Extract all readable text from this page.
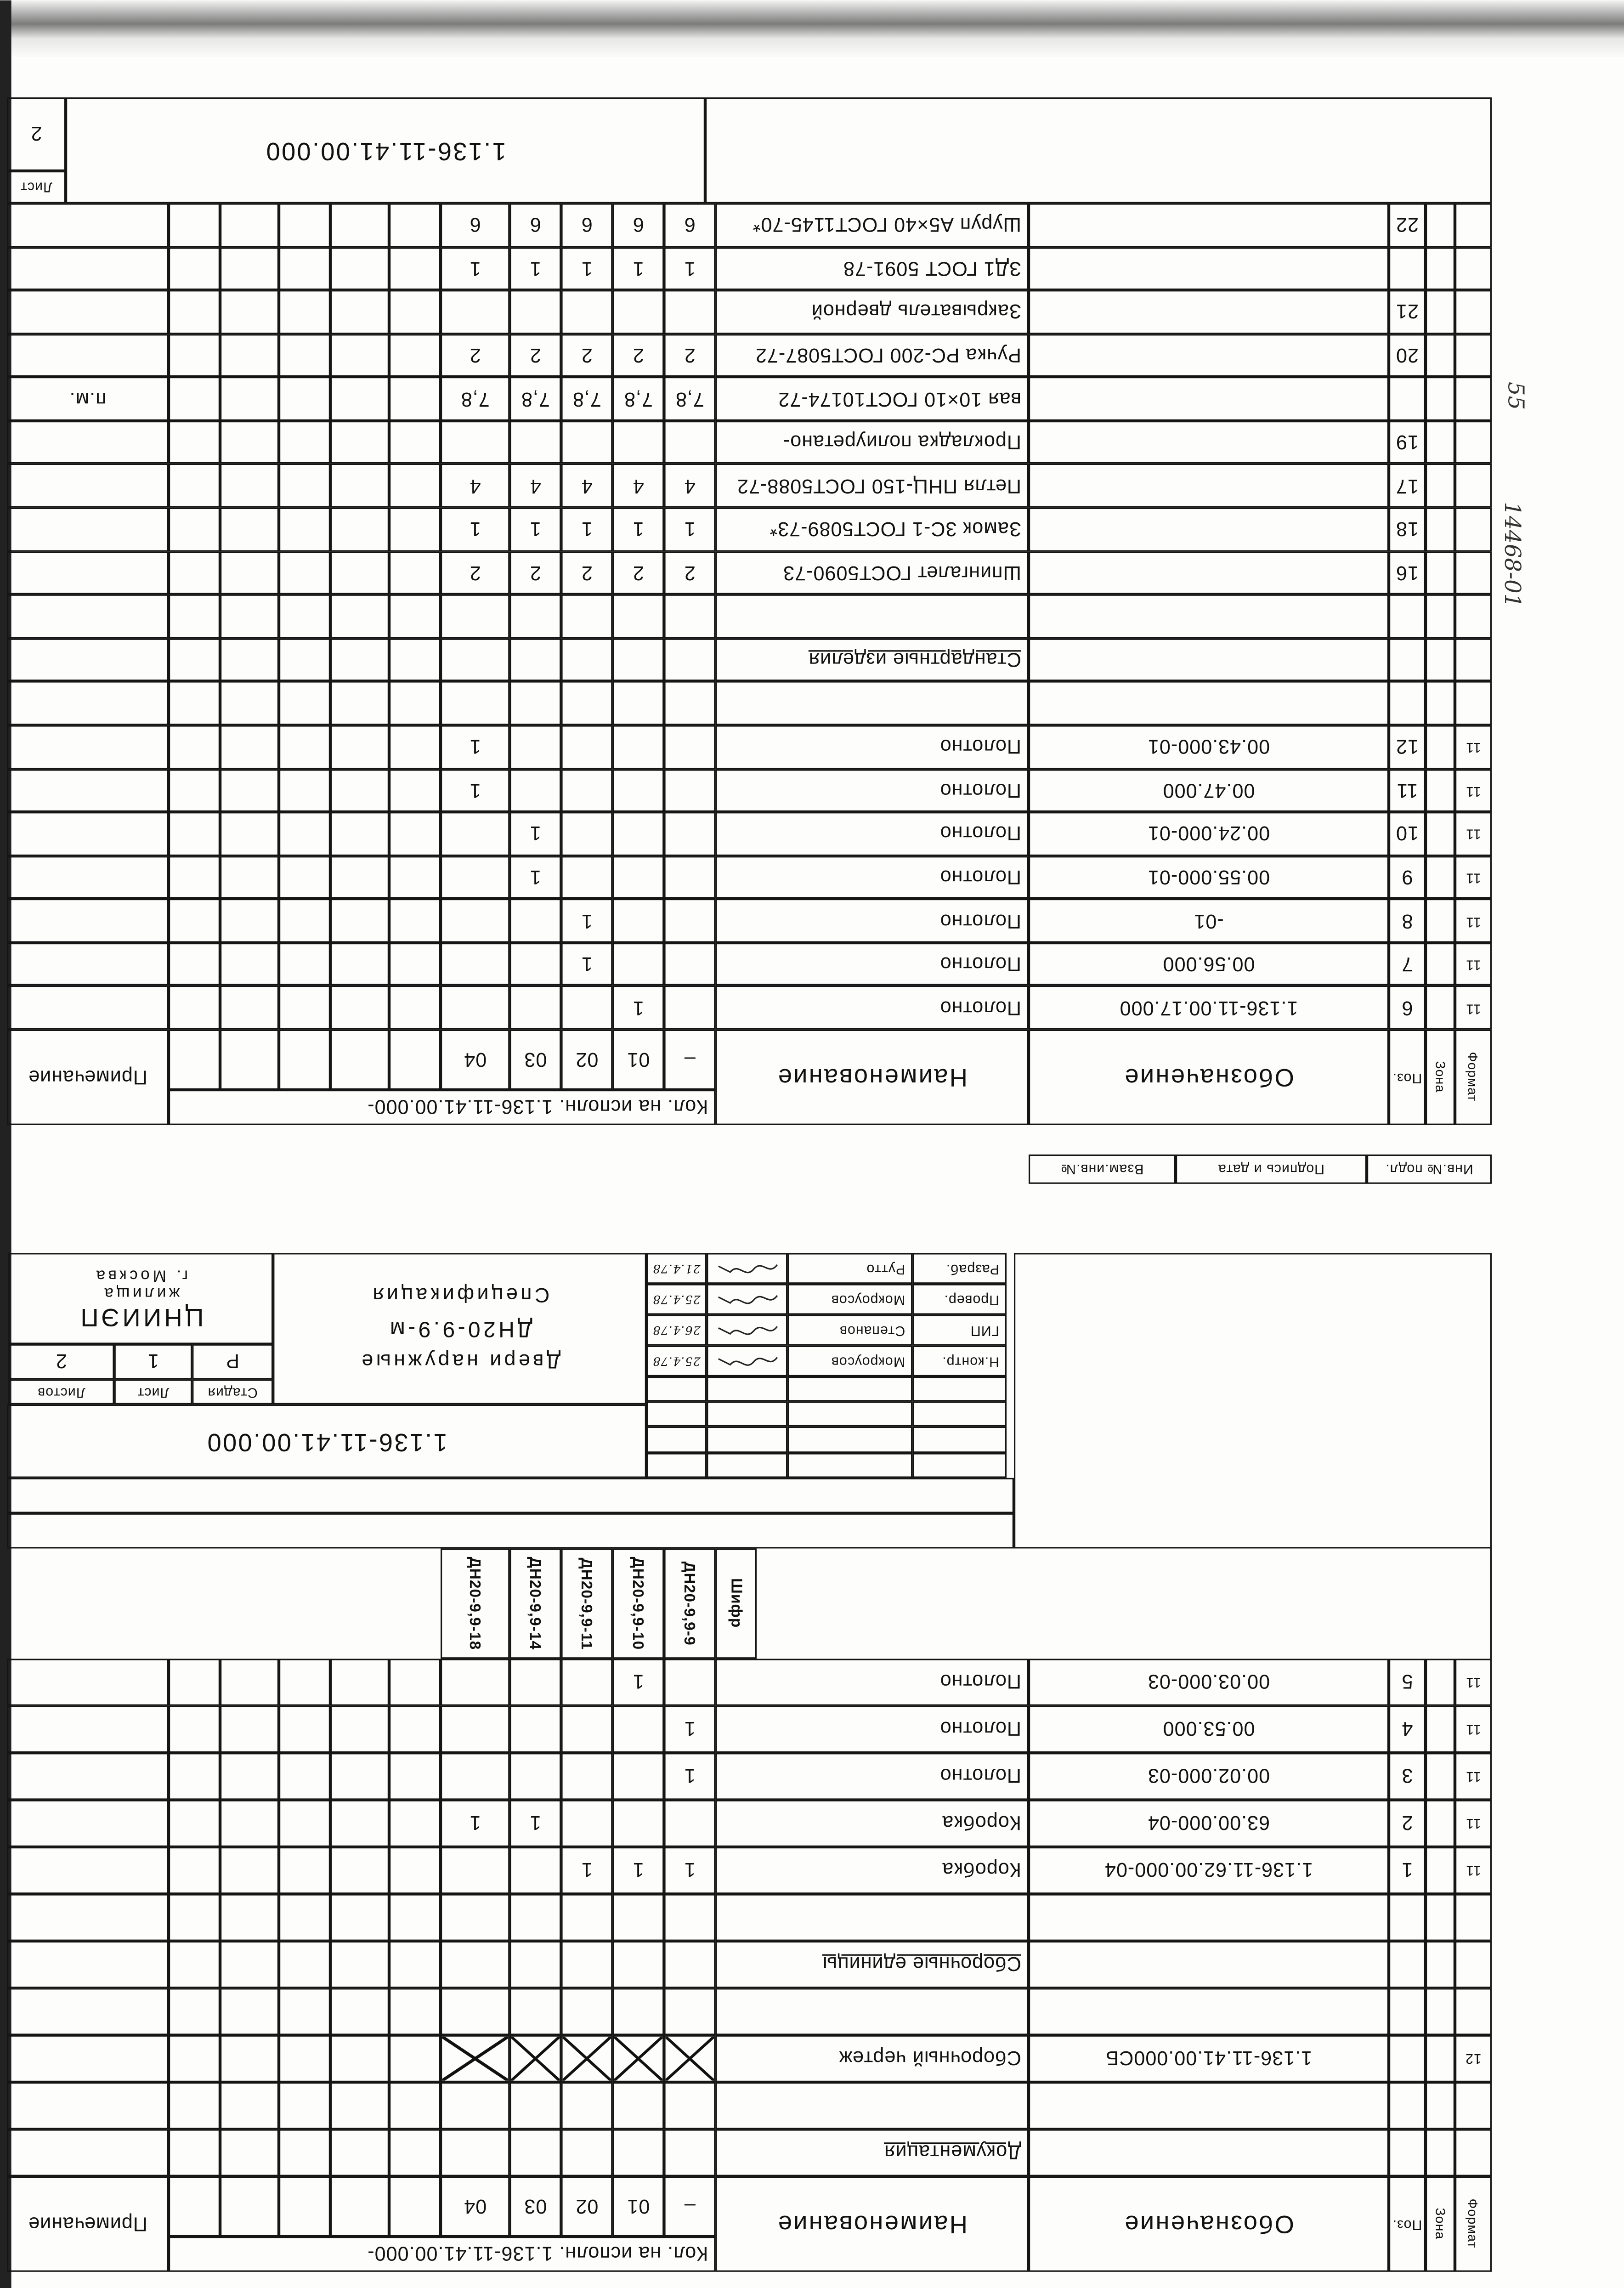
14468-01
55
Формат
Зона
Поз.
Обозначение
Наименование
Кол. на исполн. 1.136-11.41.00.000-
–
01
02
03
04
Примечание
Документация
12
1.136-11.41.00.000СБ
Сборочный чертеж
Сборочные единицы
11
1
1.136-11.62.00.000-04
Коробка
1
1
1
11
2
63.00.000-04
Коробка
1
1
11
3
00.02.000-03
Полотно
1
11
4
00.53.000
Полотно
1
11
5
00.03.000-03
Полотно
1
Шифр
ДН20-9,9-9
ДН20-9,9-10
ДН20-9,9-11
ДН20-9,9-14
ДН20-9,9-18
Н.контр.
Мокроусов
25.4.78
ГИП
Степанов
26.4.78
Провер.
Мокроусов
25.4.78
Разраб.
Рутто
21.4.78
1.136-11.41.00.000
Двери наружные
ДН20-9.9-м
Спецификация
Стадия
Р
Лист
1
Листов
2
ЦНИИЭП
жилища
г. Москва
Инв.№ подл.
Подпись и дата
Взам.инв.№
Формат
Зона
Поз.
Обозначение
Наименование
Кол. на исполн. 1.136-11.41.00.000-
–
01
02
03
04
Примечание
11
6
1.136-11.00.17.000
Полотно
1
11
7
00.56.000
Полотно
1
11
8
-01
Полотно
1
11
9
00.55.000-01
Полотно
1
11
10
00.24.000-01
Полотно
1
11
11
00.47.000
Полотно
1
11
12
00.43.000-01
Полотно
1
Стандартные изделия
16
Шпингалет ГОСТ5090-73
2
2
2
2
2
18
Замок 3С-1 ГОСТ5089-73*
1
1
1
1
1
17
Петля ПНЦ-150 ГОСТ5088-72
4
4
4
4
4
19
Прокладка полиуретано-
вая 10×10 ГОСТ10174-72
7,8
7,8
7,8
7,8
7,8
п.м.
20
Ручка РС-200 ГОСТ5087-72
2
2
2
2
2
21
Закрыватель дверной
ЗД1 ГОСТ 5091-78
1
1
1
1
1
22
Шуруп А5×40 ГОСТ1145-70*
6
6
6
6
6
1.136-11.41.00.000
Лист
2
